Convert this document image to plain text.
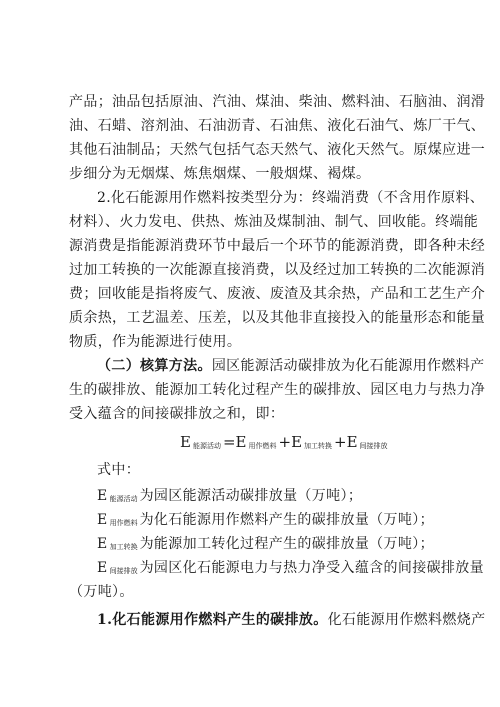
产品；油品包括原油、汽油、煤油、柴油、燃料油、石脑油、润滑
油、石蜡、溶剂油、石油沥青、石油焦、液化石油气、炼厂干气、
其他石油制品；天然气包括气态天然气、液化天然气。原煤应进一
步细分为无烟煤、炼焦烟煤、一般烟煤、褐煤。
2.化石能源用作燃料按类型分为：终端消费（不含用作原料、
材料）、火力发电、供热、炼油及煤制油、制气、回收能。终端能
源消费是指能源消费环节中最后一个环节的能源消费，即各种未经
过加工转换的一次能源直接消费，以及经过加工转换的二次能源消
费；回收能是指将废气、废液、废渣及其余热，产品和工艺生产介
质余热，工艺温差、压差，以及其他非直接投入的能量形态和能量
物质，作为能源进行使用。
（二）核算方法。园区能源活动碳排放为化石能源用作燃料产
生的碳排放、能源加工转化过程产生的碳排放、园区电力与热力净
受入蕴含的间接碳排放之和，即：
E能源活动 =E 用作燃料 +E 加工转换 +E 间接排放
式中：
E能源活动 为园区能源活动碳排放量（万吨）；
E用作燃料 为化石能源用作燃料产生的碳排放量（万吨）；
E加工转换 为能源加工转化过程产生的碳排放量（万吨）；
E间接排放 为园区化石能源电力与热力净受入蕴含的间接碳排放量
（万吨）。
1.化石能源用作燃料产生的碳排放。化石能源用作燃料燃烧产
